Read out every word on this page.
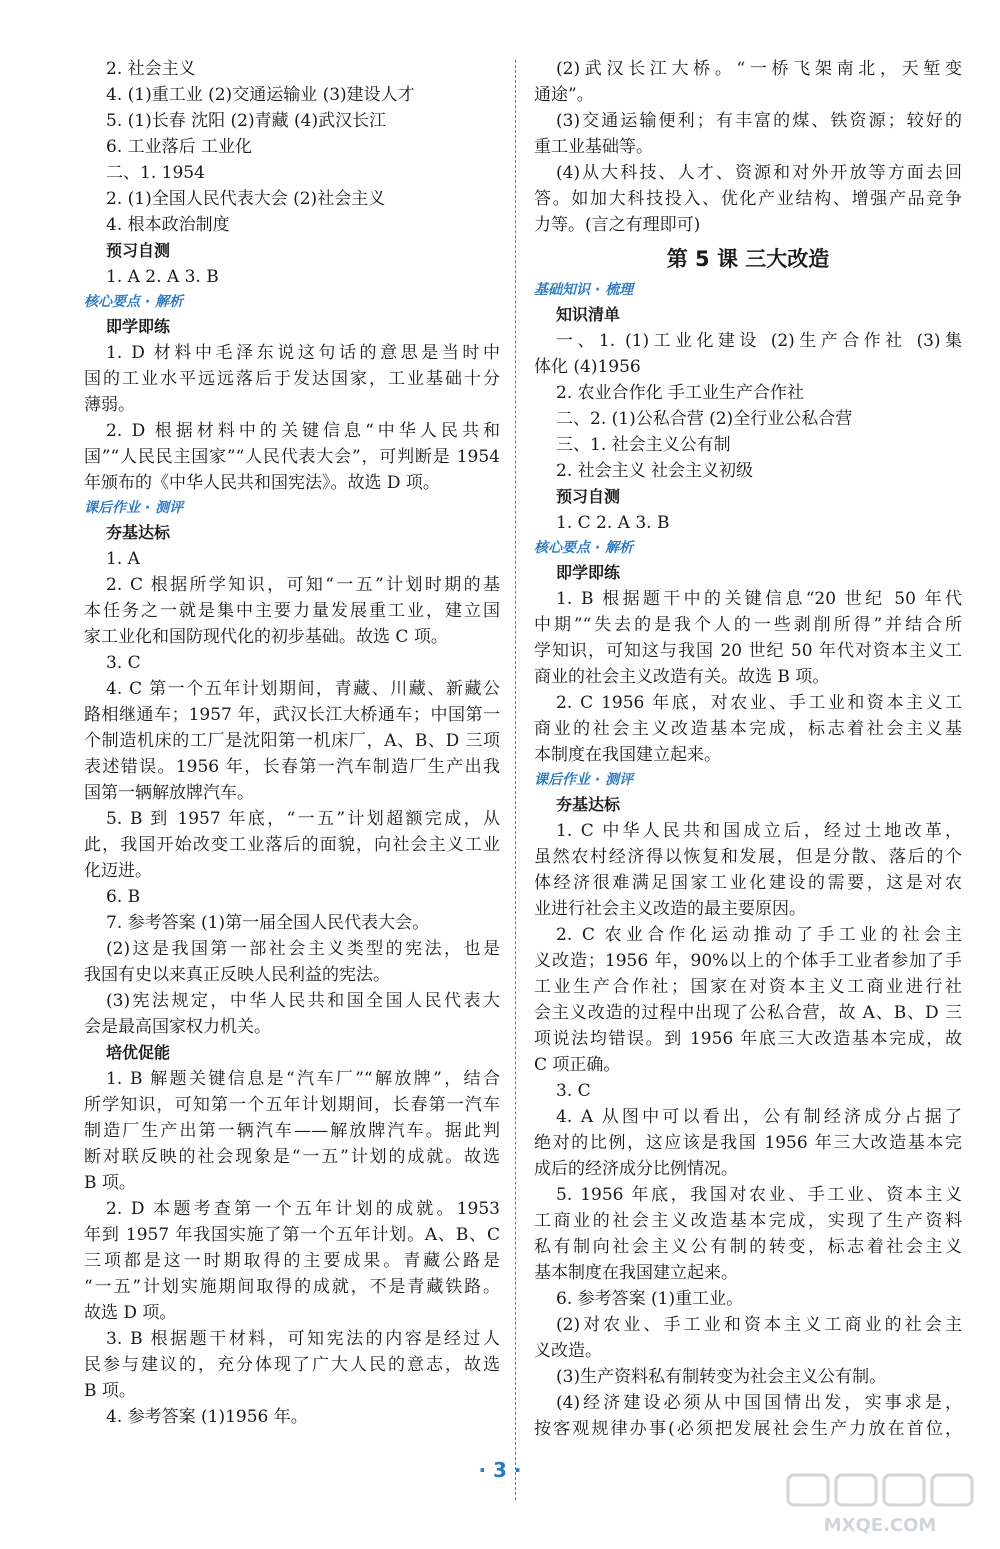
2. 社会主义
4. (1)重工业 (2)交通运输业 (3)建设人才
5. (1)长春 沈阳 (2)青藏 (4)武汉长江
6. 工业落后 工业化
二、1. 1954
2. (1)全国人民代表大会 (2)社会主义
4. 根本政治制度
预习自测
1. A 2. A 3. B
核心要点 · 解析
即学即练
1. D 材料中毛泽东说这句话的意思是当时中
国的工业水平远远落后于发达国家，工业基础十分
薄弱。
2. D 根据材料中的关键信息“中华人民共和
国”“人民民主国家”“人民代表大会”，可判断是 1954
年颁布的《中华人民共和国宪法》。故选 D 项。
课后作业 · 测评
夯基达标
1. A
2. C 根据所学知识，可知“一五”计划时期的基
本任务之一就是集中主要力量发展重工业，建立国
家工业化和国防现代化的初步基础。故选 C 项。
3. C
4. C 第一个五年计划期间，青藏、川藏、新藏公
路相继通车；1957 年，武汉长江大桥通车；中国第一
个制造机床的工厂是沈阳第一机床厂，A、B、D 三项
表述错误。1956 年，长春第一汽车制造厂生产出我
国第一辆解放牌汽车。
5. B 到 1957 年底，“一五”计划超额完成，从
此，我国开始改变工业落后的面貌，向社会主义工业
化迈进。
6. B
7. 参考答案 (1)第一届全国人民代表大会。
(2)这是我国第一部社会主义类型的宪法，也是
我国有史以来真正反映人民利益的宪法。
(3)宪法规定，中华人民共和国全国人民代表大
会是最高国家权力机关。
培优促能
1. B 解题关键信息是“汽车厂”“解放牌”，结合
所学知识，可知第一个五年计划期间，长春第一汽车
制造厂生产出第一辆汽车——解放牌汽车。据此判
断对联反映的社会现象是“一五”计划的成就。故选
B 项。
2. D 本题考查第一个五年计划的成就。1953
年到 1957 年我国实施了第一个五年计划。A、B、C
三项都是这一时期取得的主要成果。青藏公路是
“一五”计划实施期间取得的成就，不是青藏铁路。
故选 D 项。
3. B 根据题干材料，可知宪法的内容是经过人
民参与建议的，充分体现了广大人民的意志，故选
B 项。
4. 参考答案 (1)1956 年。
(2)武汉长江大桥。“一桥飞架南北，天堑变
通途”。
(3)交通运输便利；有丰富的煤、铁资源；较好的
重工业基础等。
(4)从大科技、人才、资源和对外开放等方面去回
答。如加大科技投入、优化产业结构、增强产品竞争
力等。(言之有理即可)
第 5 课 三大改造
基础知识 · 梳理
知识清单
一、1. (1)工业化建设 (2)生产合作社 (3)集
体化 (4)1956
2. 农业合作化 手工业生产合作社
二、2. (1)公私合营 (2)全行业公私合营
三、1. 社会主义公有制
2. 社会主义 社会主义初级
预习自测
1. C 2. A 3. B
核心要点 · 解析
即学即练
1. B 根据题干中的关键信息“20 世纪 50 年代
中期”“失去的是我个人的一些剥削所得”并结合所
学知识，可知这与我国 20 世纪 50 年代对资本主义工
商业的社会主义改造有关。故选 B 项。
2. C 1956 年底，对农业、手工业和资本主义工
商业的社会主义改造基本完成，标志着社会主义基
本制度在我国建立起来。
课后作业 · 测评
夯基达标
1. C 中华人民共和国成立后，经过土地改革，
虽然农村经济得以恢复和发展，但是分散、落后的个
体经济很难满足国家工业化建设的需要，这是对农
业进行社会主义改造的最主要原因。
2. C 农业合作化运动推动了手工业的社会主
义改造；1956 年，90%以上的个体手工业者参加了手
工业生产合作社；国家在对资本主义工商业进行社
会主义改造的过程中出现了公私合营，故 A、B、D 三
项说法均错误。到 1956 年底三大改造基本完成，故
C 项正确。
3. C
4. A 从图中可以看出，公有制经济成分占据了
绝对的比例，这应该是我国 1956 年三大改造基本完
成后的经济成分比例情况。
5. 1956 年底，我国对农业、手工业、资本主义
工商业的社会主义改造基本完成，实现了生产资料
私有制向社会主义公有制的转变，标志着社会主义
基本制度在我国建立起来。
6. 参考答案 (1)重工业。
(2)对农业、手工业和资本主义工商业的社会主
义改造。
(3)生产资料私有制转变为社会主义公有制。
(4)经济建设必须从中国国情出发，实事求是，
按客观规律办事(必须把发展社会生产力放在首位，
· 3 ·
MXQE.COM
